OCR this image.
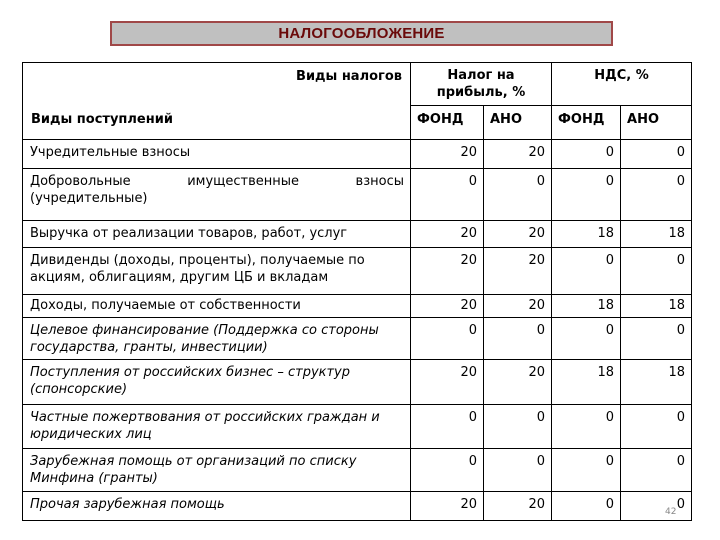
НАЛОГООБЛОЖЕНИЕ
Виды налогов
Виды поступлений	Налог на прибыль, %		НДС, %	
	ФОНД	АНО	ФОНД	АНО
Учредительные взносы	20	20	0	0

Добровольные имущественные взносы
(учредительные)	0	0	0	0
Выручка от реализации товаров, работ, услуг	20	20	18	18
Дивиденды (доходы, проценты), получаемые по акциям, облигациям, другим ЦБ и вкладам	20	20	0	0
Доходы, получаемые от собственности	20	20	18	18
Целевое финансирование (Поддержка со стороны государства, гранты, инвестиции)	0	0	0	0
Поступления от российских бизнес – структур (спонсорские)	20	20	18	18
Частные пожертвования от российских граждан и юридических лиц	0	0	0	0
Зарубежная помощь от организаций по списку Минфина (гранты)	0	0	0	0
Прочая зарубежная помощь	20	20	0	0
42
